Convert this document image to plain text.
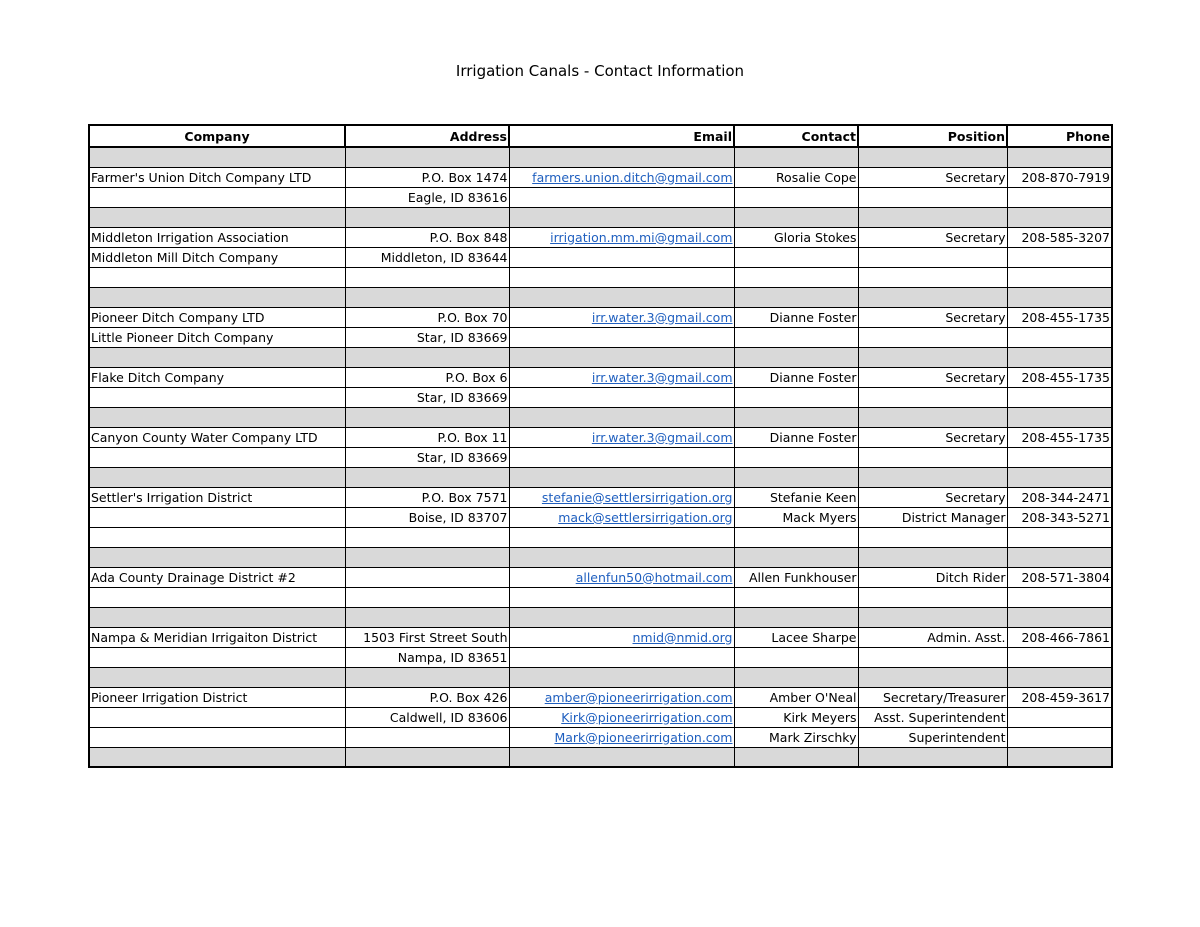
Irrigation Canals - Contact Information
Company	Address	Email	Contact	Position	Phone

Farmer's Union Ditch Company LTD	P.O. Box 1474	farmers.union.ditch@gmail.com	Rosalie Cope	Secretary	208-870-7919
	Eagle, ID 83616				

Middleton Irrigation Association	P.O. Box 848	irrigation.mm.mi@gmail.com	Gloria Stokes	Secretary	208-585-3207
Middleton Mill Ditch Company	Middleton, ID 83644				

Pioneer Ditch Company LTD	P.O. Box 70	irr.water.3@gmail.com	Dianne Foster	Secretary	208-455-1735
Little Pioneer Ditch Company	Star, ID 83669				

Flake Ditch Company	P.O. Box 6	irr.water.3@gmail.com	Dianne Foster	Secretary	208-455-1735
	Star, ID 83669				

Canyon County Water Company LTD	P.O. Box 11	irr.water.3@gmail.com	Dianne Foster	Secretary	208-455-1735
	Star, ID 83669				

Settler's Irrigation District	P.O. Box 7571	stefanie@settlersirrigation.org	Stefanie Keen	Secretary	208-344-2471
	Boise, ID 83707	mack@settlersirrigation.org	Mack Myers	District Manager	208-343-5271

Ada County Drainage District #2		allenfun50@hotmail.com	Allen Funkhouser	Ditch Rider	208-571-3804

Nampa & Meridian Irrigaiton District	1503 First Street South	nmid@nmid.org	Lacee Sharpe	Admin. Asst.	208-466-7861
	Nampa, ID 83651				

Pioneer Irrigation District	P.O. Box 426	amber@pioneerirrigation.com	Amber O'Neal	Secretary/Treasurer	208-459-3617
	Caldwell, ID 83606	Kirk@pioneerirrigation.com	Kirk Meyers	Asst. Superintendent	
		Mark@pioneerirrigation.com	Mark Zirschky	Superintendent	
